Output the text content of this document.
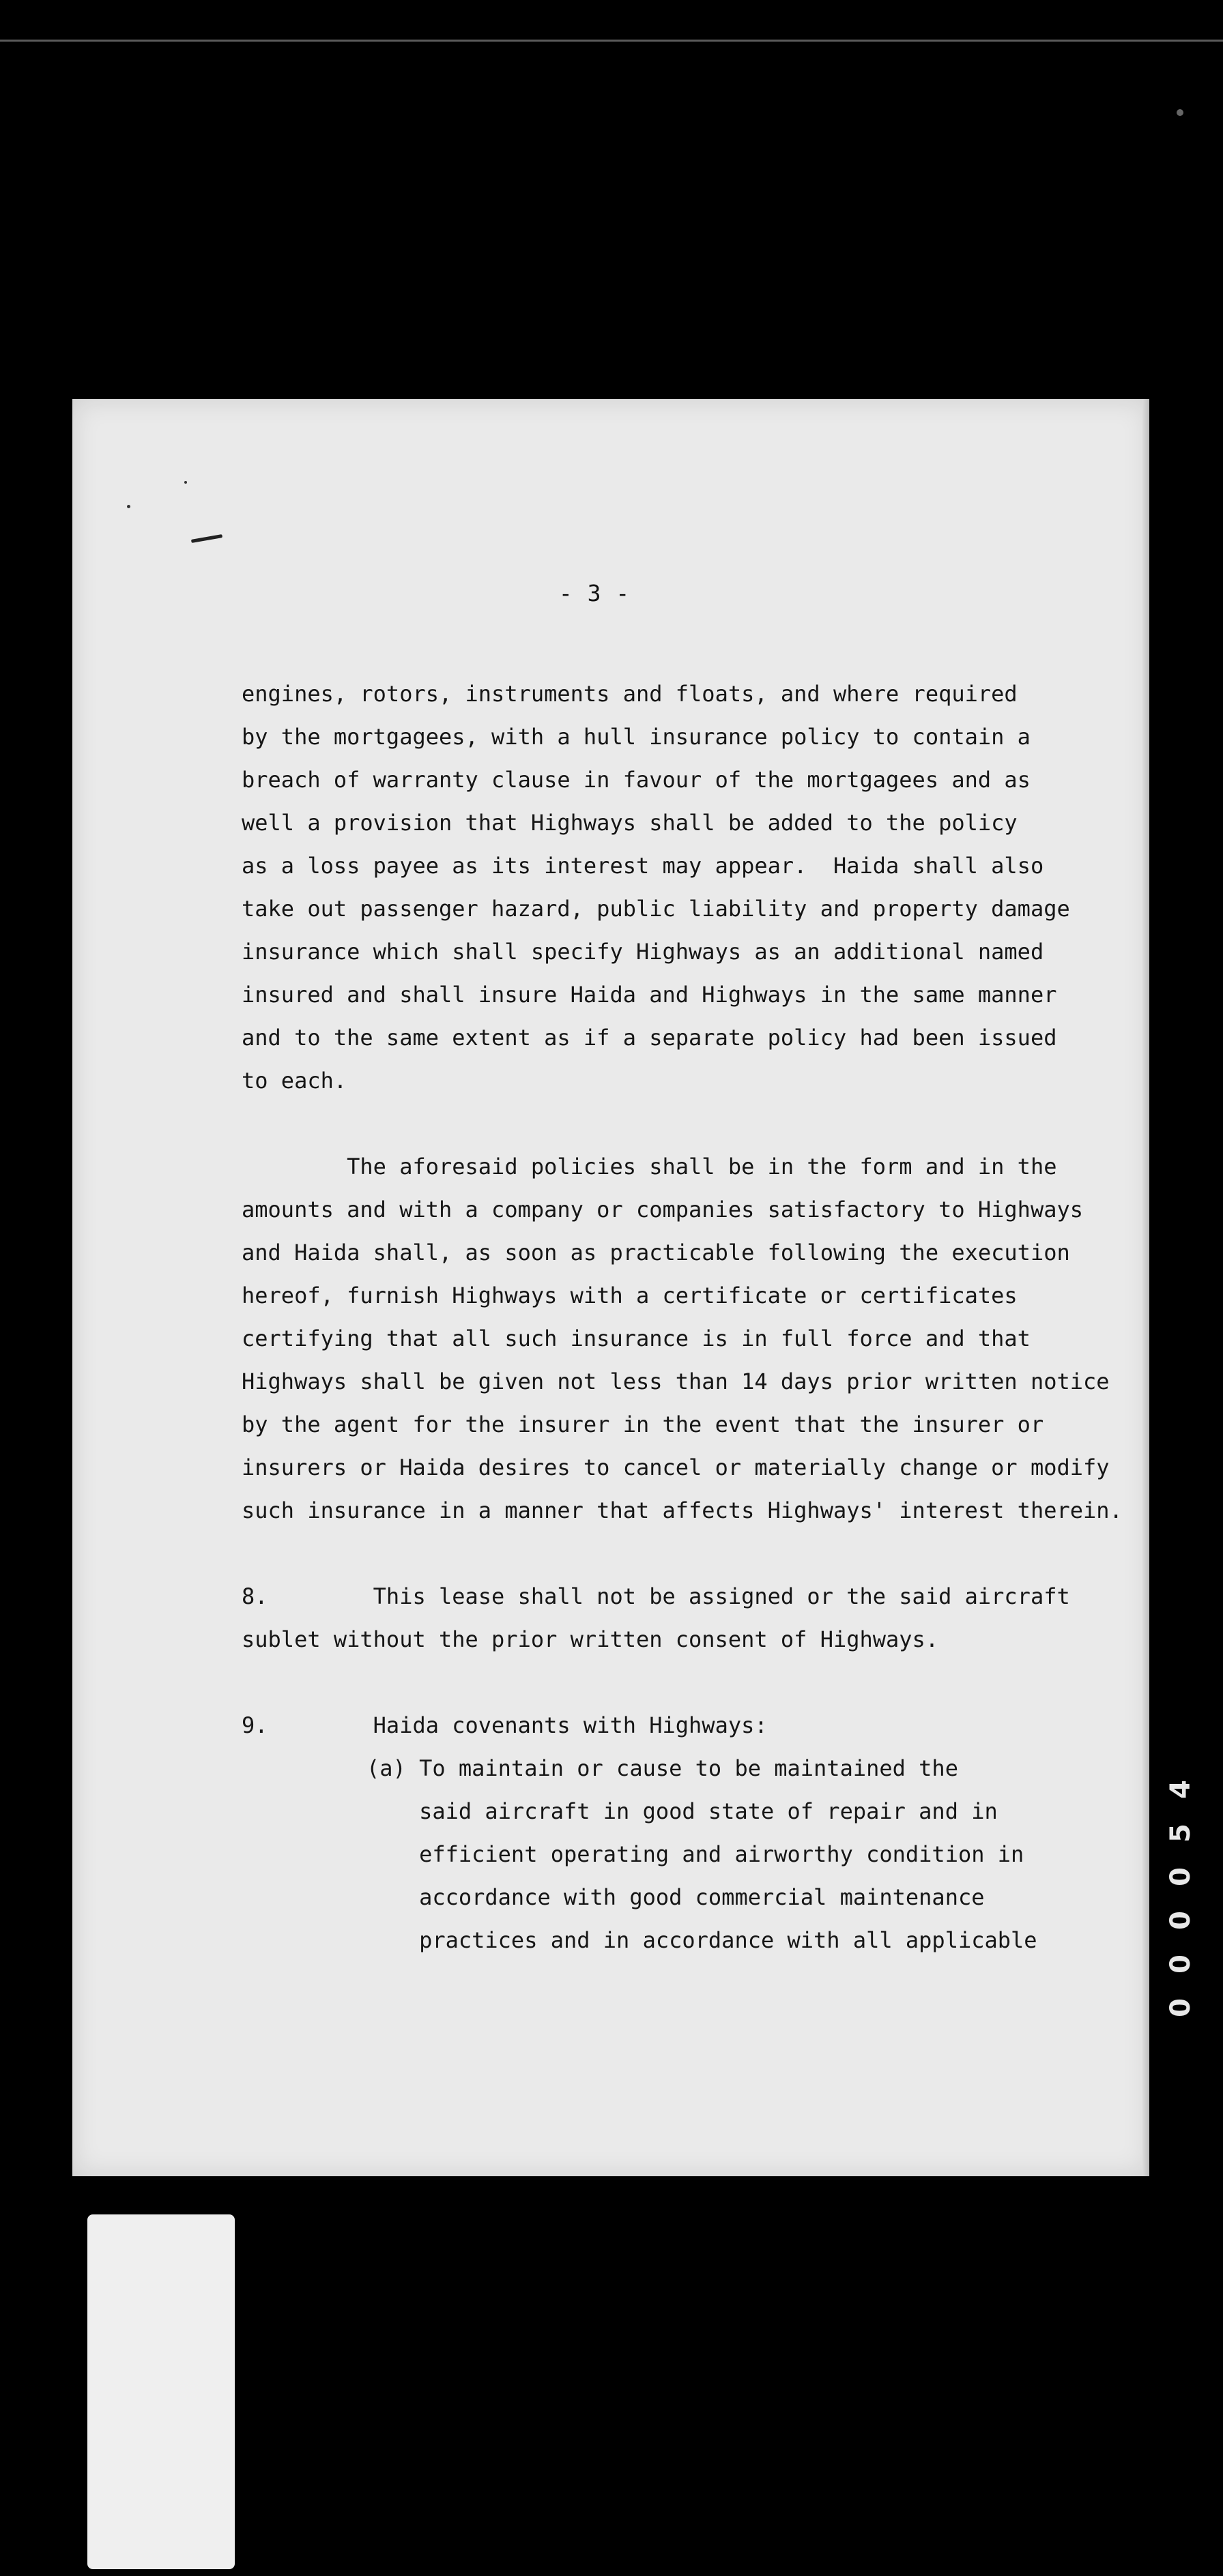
- 3 -
engines, rotors, instruments and floats, and where required
by the mortgagees, with a hull insurance policy to contain a
breach of warranty clause in favour of the mortgagees and as
well a provision that Highways shall be added to the policy
as a loss payee as its interest may appear.  Haida shall also
take out passenger hazard, public liability and property damage
insurance which shall specify Highways as an additional named
insured and shall insure Haida and Highways in the same manner
and to the same extent as if a separate policy had been issued
to each.
The aforesaid policies shall be in the form and in the
amounts and with a company or companies satisfactory to Highways
and Haida shall, as soon as practicable following the execution
hereof, furnish Highways with a certificate or certificates
certifying that all such insurance is in full force and that
Highways shall be given not less than 14 days prior written notice
by the agent for the insurer in the event that the insurer or
insurers or Haida desires to cancel or materially change or modify
such insurance in a manner that affects Highways' interest therein.
8.        This lease shall not be assigned or the said aircraft
sublet without the prior written consent of Highways.
9.        Haida covenants with Highways:
(a) To maintain or cause to be maintained the
said aircraft in good state of repair and in
efficient operating and airworthy condition in
accordance with good commercial maintenance
practices and in accordance with all applicable
0
0
0
0
5
4
